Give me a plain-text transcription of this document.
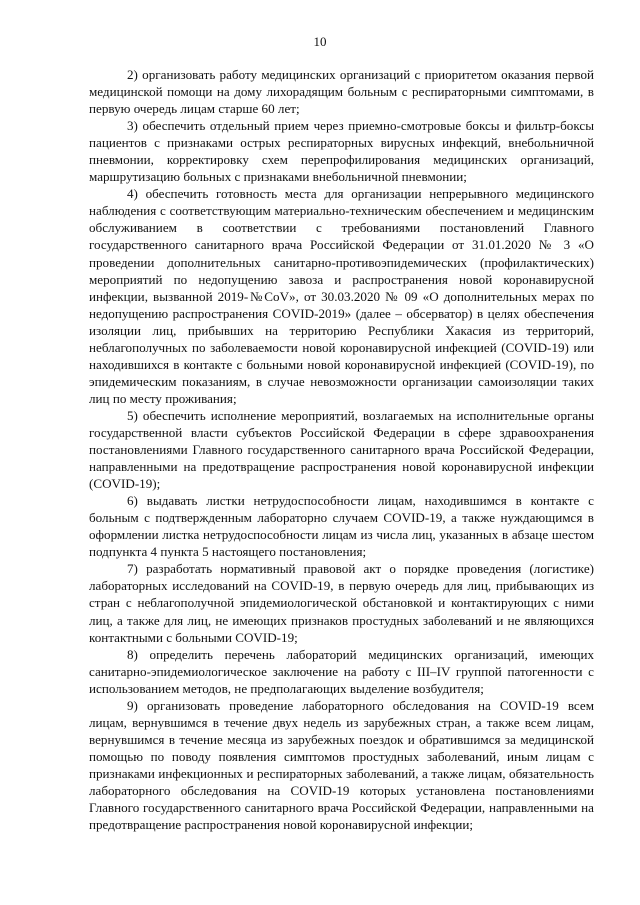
10

2) организовать работу медицинских организаций с приоритетом оказания первой медицинской помощи на дому лихорадящим больным с респираторными симптомами, в первую очередь лицам старше 60 лет;

3) обеспечить отдельный прием через приемно-смотровые боксы и фильтр-боксы пациентов с признаками острых респираторных вирусных инфекций, внебольничной пневмонии, корректировку схем перепрофилирования медицинских организаций, маршрутизацию больных с признаками внебольничной пневмонии;

4) обеспечить готовность места для организации непрерывного медицинского наблюдения с соответствующим материально-техническим обеспечением и медицинским обслуживанием в соответствии с требованиями постановлений Главного государственного санитарного врача Российской Федерации от 31.01.2020 № 3 «О проведении дополнительных санитарно-противоэпидемических (профилактических) мероприятий по недопущению завоза и распространения новой коронавирусной инфекции, вызванной 2019-№CoV», от 30.03.2020 № 09 «О дополнительных мерах по недопущению распространения COVID-2019» (далее – обсерватор) в целях обеспечения изоляции лиц, прибывших на территорию Республики Хакасия из территорий, неблагополучных по заболеваемости новой коронавирусной инфекцией (COVID-19) или находившихся в контакте с больными новой коронавирусной инфекцией (COVID-19), по эпидемическим показаниям, в случае невозможности организации самоизоляции таких лиц по месту проживания;

5) обеспечить исполнение мероприятий, возлагаемых на исполнительные органы государственной власти субъектов Российской Федерации в сфере здравоохранения постановлениями Главного государственного санитарного врача Российской Федерации, направленными на предотвращение распространения новой коронавирусной инфекции (COVID-19);

6) выдавать листки нетрудоспособности лицам, находившимся в контакте с больным с подтвержденным лабораторно случаем COVID-19, а также нуждающимся в оформлении листка нетрудоспособности лицам из числа лиц, указанных в абзаце шестом подпункта 4 пункта 5 настоящего постановления;

7) разработать нормативный правовой акт о порядке проведения (логистике) лабораторных исследований на COVID-19, в первую очередь для лиц, прибывающих из стран с неблагополучной эпидемиологической обстановкой и контактирующих с ними лиц, а также для лиц, не имеющих признаков простудных заболеваний и не являющихся контактными с больными COVID-19;

8) определить перечень лабораторий медицинских организаций, имеющих санитарно-эпидемиологическое заключение на работу с III–IV группой патогенности с использованием методов, не предполагающих выделение возбудителя;

9) организовать проведение лабораторного обследования на COVID-19 всем лицам, вернувшимся в течение двух недель из зарубежных стран, а также всем лицам, вернувшимся в течение месяца из зарубежных поездок и обратившимся за медицинской помощью по поводу появления симптомов простудных заболеваний, иным лицам с признаками инфекционных и респираторных заболеваний, а также лицам, обязательность лабораторного обследования на COVID-19 которых установлена постановлениями Главного государственного санитарного врача Российской Федерации, направленными на предотвращение распространения новой коронавирусной инфекции;
